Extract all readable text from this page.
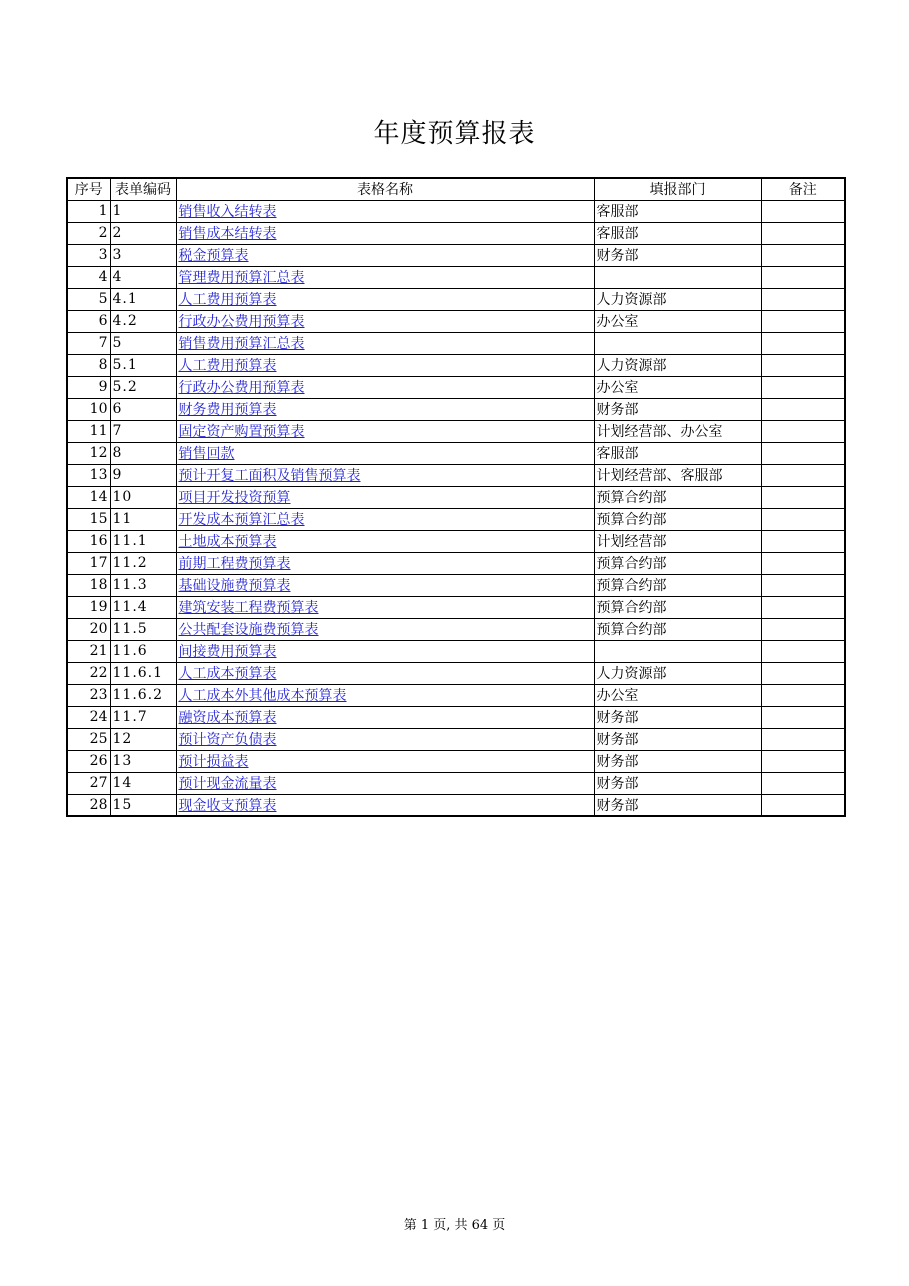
年度预算报表
序号	表单编码	表格名称	填报部门	备注
1	1	销售收入结转表	客服部	
2	2	销售成本结转表	客服部	
3	3	税金预算表	财务部	
4	4	管理费用预算汇总表		
5	4.1	人工费用预算表	人力资源部	
6	4.2	行政办公费用预算表	办公室	
7	5	销售费用预算汇总表		
8	5.1	人工费用预算表	人力资源部	
9	5.2	行政办公费用预算表	办公室	
10	6	财务费用预算表	财务部	
11	7	固定资产购置预算表	计划经营部、办公室	
12	8	销售回款	客服部	
13	9	预计开复工面积及销售预算表	计划经营部、客服部	
14	10	项目开发投资预算	预算合约部	
15	11	开发成本预算汇总表	预算合约部	
16	11.1	土地成本预算表	计划经营部	
17	11.2	前期工程费预算表	预算合约部	
18	11.3	基础设施费预算表	预算合约部	
19	11.4	建筑安装工程费预算表	预算合约部	
20	11.5	公共配套设施费预算表	预算合约部	
21	11.6	间接费用预算表		
22	11.6.1	人工成本预算表	人力资源部	
23	11.6.2	人工成本外其他成本预算表	办公室	
24	11.7	融资成本预算表	财务部	
25	12	预计资产负债表	财务部	
26	13	预计损益表	财务部	
27	14	预计现金流量表	财务部	
28	15	现金收支预算表	财务部	
第 1 页, 共 64 页
